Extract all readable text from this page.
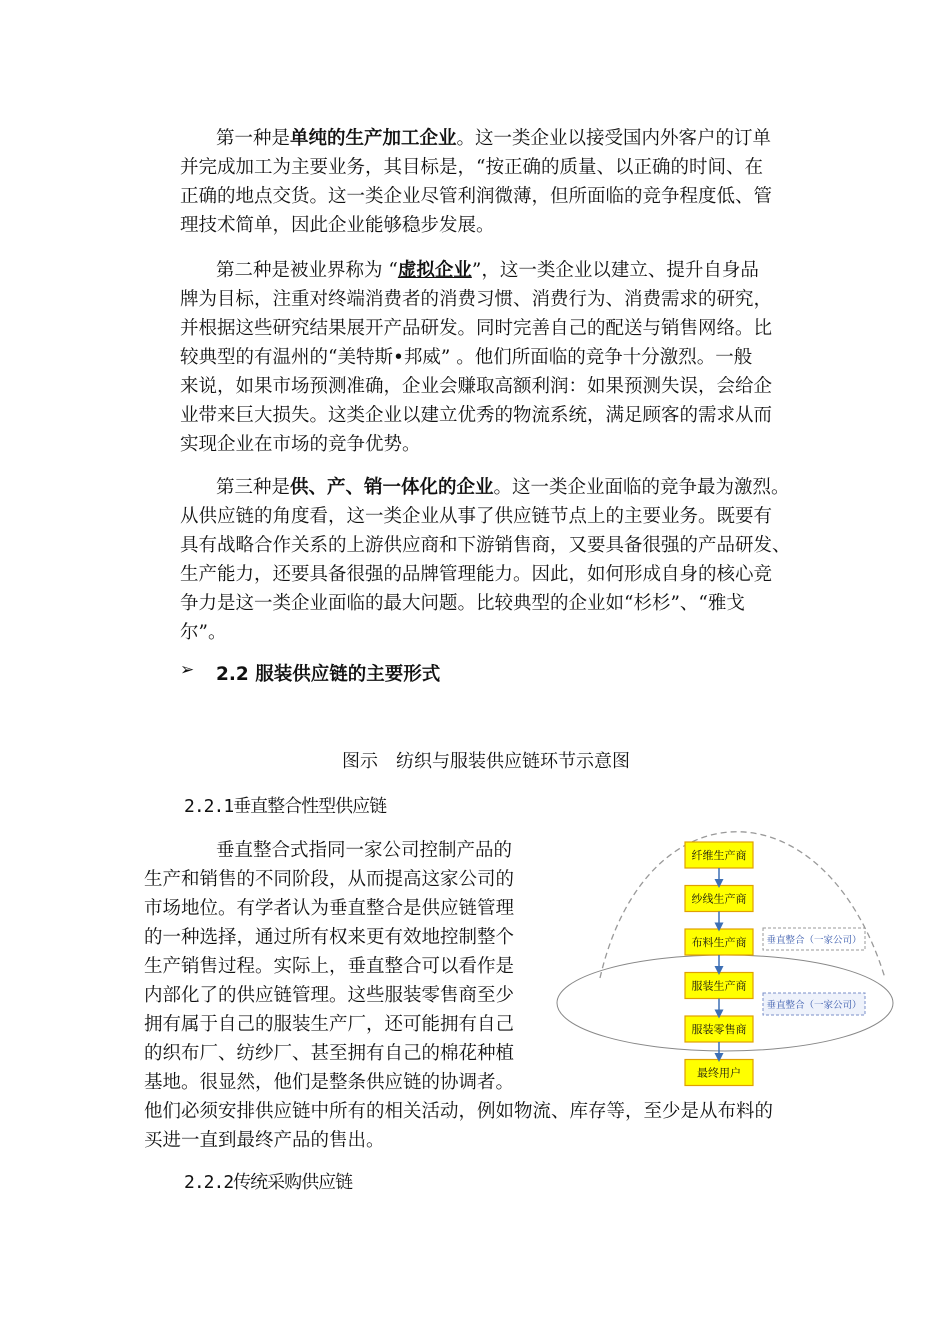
第一种是单纯的生产加工企业。这一类企业以接受国内外客户的订单
并完成加工为主要业务，其目标是，“按正确的质量、以正确的时间、在
正确的地点交货。这一类企业尽管利润微薄，但所面临的竞争程度低、管
理技术简单，因此企业能够稳步发展。
第二种是被业界称为 “虚拟企业”，这一类企业以建立、提升自身品
牌为目标，注重对终端消费者的消费习惯、消费行为、消费需求的研究，
并根据这些研究结果展开产品研发。同时完善自己的配送与销售网络。比
较典型的有温州的“美特斯•邦威” 。他们所面临的竞争十分激烈。一般
来说，如果市场预测准确，企业会赚取高额利润：如果预测失误，会给企
业带来巨大损失。这类企业以建立优秀的物流系统，满足顾客的需求从而
实现企业在市场的竞争优势。
第三种是供、产、销一体化的企业。这一类企业面临的竞争最为激烈。
从供应链的角度看，这一类企业从事了供应链节点上的主要业务。既要有
具有战略合作关系的上游供应商和下游销售商，又要具备很强的产品研发、
生产能力，还要具备很强的品牌管理能力。因此，如何形成自身的核心竞
争力是这一类企业面临的最大问题。比较典型的企业如“杉杉”、“雅戈
尔”。
➢ 2.2 服装供应链的主要形式
图示　纺织与服装供应链环节示意图
2.2.1垂直整合性型供应链
垂直整合式指同一家公司控制产品的
生产和销售的不同阶段，从而提高这家公司的
市场地位。有学者认为垂直整合是供应链管理
的一种选择，通过所有权来更有效地控制整个
生产销售过程。实际上，垂直整合可以看作是
内部化了的供应链管理。这些服装零售商至少
拥有属于自己的服装生产厂，还可能拥有自己
的织布厂、纺纱厂、甚至拥有自己的棉花种植
基地。很显然，他们是整条供应链的协调者。
他们必须安排供应链中所有的相关活动，例如物流、库存等，至少是从布料的
买进一直到最终产品的售出。
2.2.2传统采购供应链
纤维生产商
纱线生产商
布料生产商
服装生产商
服装零售商
最终用户
垂直整合（一家公司）
垂直整合（一家公司）
